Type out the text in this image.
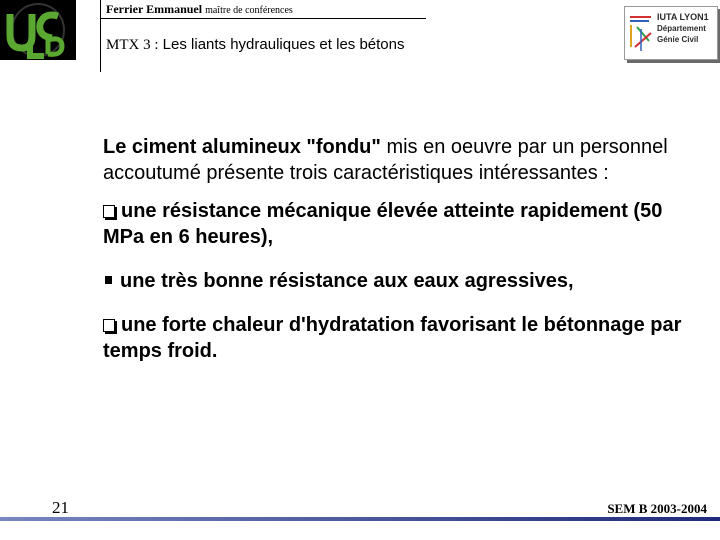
Ferrier Emmanuel maître de conférences
MTX 3 : Les liants hydrauliques et les bétons
IUTA LYON1
Département
Génie Civil

Le ciment alumineux "fondu" mis en oeuvre par un personnel accoutumé présente trois caractéristiques intéressantes :

une résistance mécanique élevée atteinte rapidement (50 MPa en 6 heures),

une très bonne résistance aux eaux agressives,

une forte chaleur d'hydratation favorisant le bétonnage par temps froid.

21	SEM B 2003-2004
